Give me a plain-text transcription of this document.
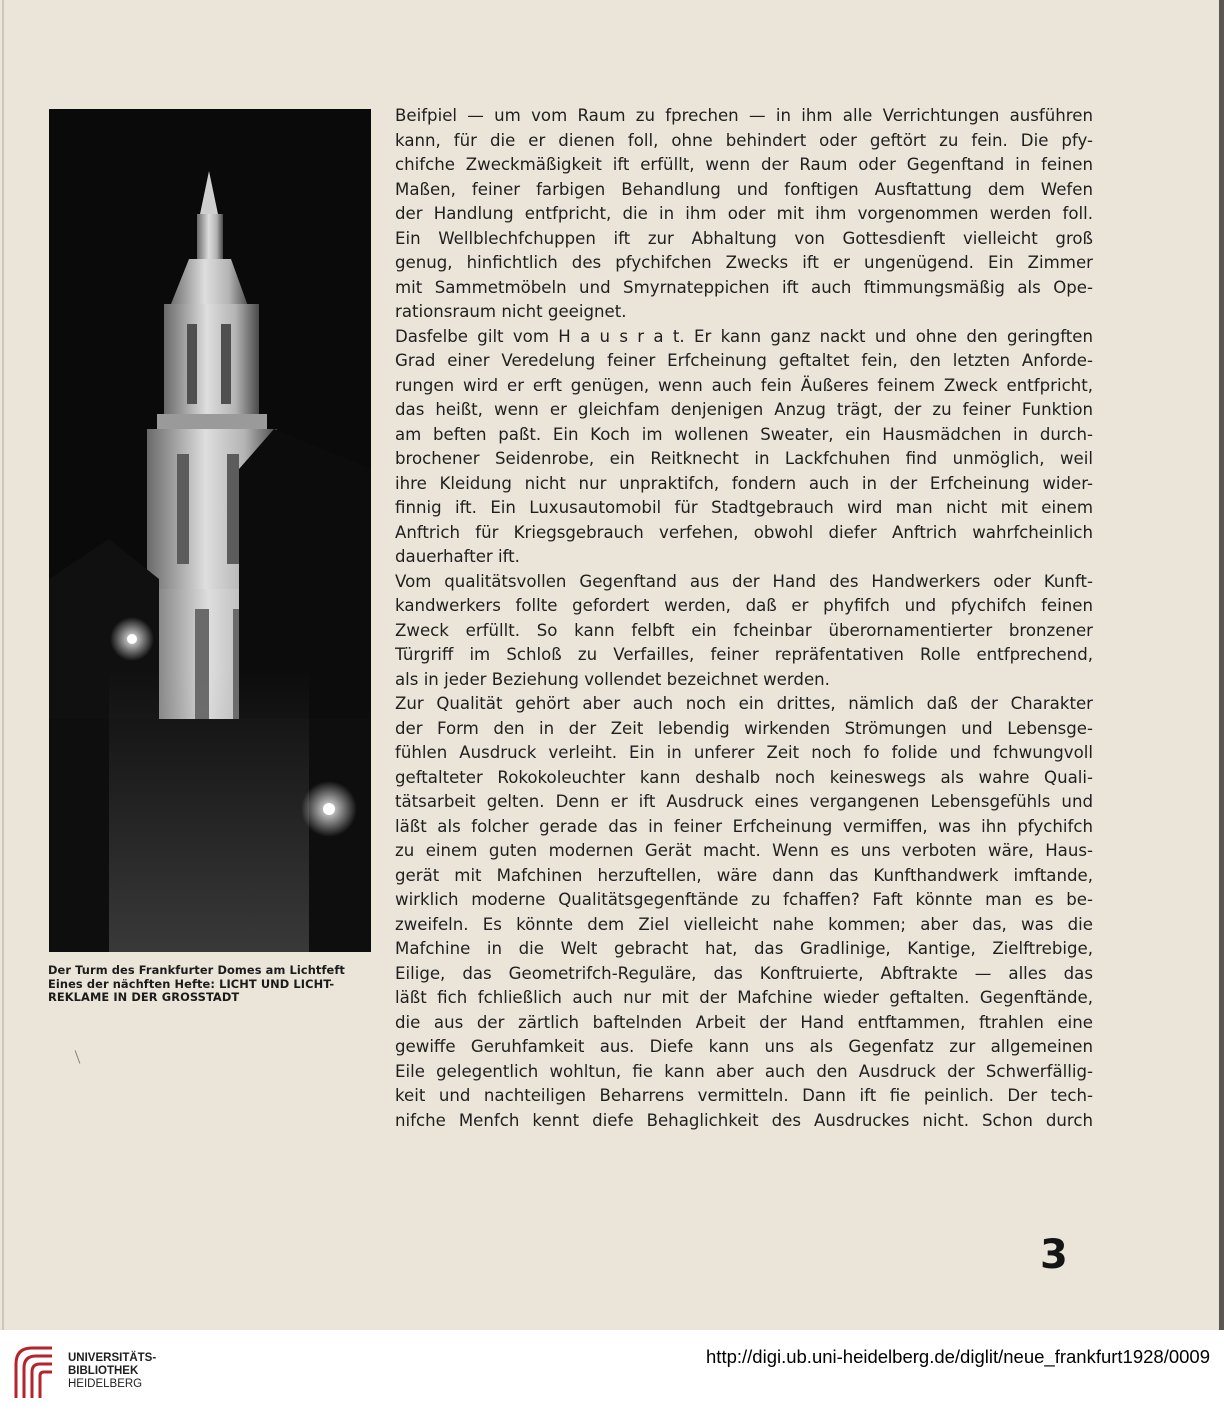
Der Turm des Frankfurter Domes am Lichtfeft
Eines der nächften Hefte: LICHT UND LICHT-
REKLAME IN DER GROSSTADT
Beifpiel — um vom Raum zu fprechen — in ihm alle Verrichtungen ausführen
kann, für die er dienen foll, ohne behindert oder geftört zu fein. Die pfy-
chifche Zweckmäßigkeit ift erfüllt, wenn der Raum oder Gegenftand in feinen
Maßen, feiner farbigen Behandlung und fonftigen Ausftattung dem Wefen
der Handlung entfpricht, die in ihm oder mit ihm vorgenommen werden foll.
Ein Wellblechfchuppen ift zur Abhaltung von Gottesdienft vielleicht groß
genug, hinfichtlich des pfychifchen Zwecks ift er ungenügend. Ein Zimmer
mit Sammetmöbeln und Smyrnateppichen ift auch ftimmungsmäßig als Ope-
rationsraum nicht geeignet.
Dasfelbe gilt vom H a u s r a t. Er kann ganz nackt und ohne den geringften
Grad einer Veredelung feiner Erfcheinung geftaltet fein, den letzten Anforde-
rungen wird er erft genügen, wenn auch fein Äußeres feinem Zweck entfpricht,
das heißt, wenn er gleichfam denjenigen Anzug trägt, der zu feiner Funktion
am beften paßt. Ein Koch im wollenen Sweater, ein Hausmädchen in durch-
brochener Seidenrobe, ein Reitknecht in Lackfchuhen find unmöglich, weil
ihre Kleidung nicht nur unpraktifch, fondern auch in der Erfcheinung wider-
finnig ift. Ein Luxusautomobil für Stadtgebrauch wird man nicht mit einem
Anftrich für Kriegsgebrauch verfehen, obwohl diefer Anftrich wahrfcheinlich
dauerhafter ift.
Vom qualitätsvollen Gegenftand aus der Hand des Handwerkers oder Kunft-
kandwerkers follte gefordert werden, daß er phyfifch und pfychifch feinen
Zweck erfüllt. So kann felbft ein fcheinbar überornamentierter bronzener
Türgriff im Schloß zu Verfailles, feiner repräfentativen Rolle entfprechend,
als in jeder Beziehung vollendet bezeichnet werden.
Zur Qualität gehört aber auch noch ein drittes, nämlich daß der Charakter
der Form den in der Zeit lebendig wirkenden Strömungen und Lebensge-
fühlen Ausdruck verleiht. Ein in unferer Zeit noch fo folide und fchwungvoll
geftalteter Rokokoleuchter kann deshalb noch keineswegs als wahre Quali-
tätsarbeit gelten. Denn er ift Ausdruck eines vergangenen Lebensgefühls und
läßt als folcher gerade das in feiner Erfcheinung vermiffen, was ihn pfychifch
zu einem guten modernen Gerät macht. Wenn es uns verboten wäre, Haus-
gerät mit Mafchinen herzuftellen, wäre dann das Kunfthandwerk imftande,
wirklich moderne Qualitätsgegenftände zu fchaffen? Faft könnte man es be-
zweifeln. Es könnte dem Ziel vielleicht nahe kommen; aber das, was die
Mafchine in die Welt gebracht hat, das Gradlinige, Kantige, Zielftrebige,
Eilige, das Geometrifch-Reguläre, das Konftruierte, Abftrakte — alles das
läßt fich fchließlich auch nur mit der Mafchine wieder geftalten. Gegenftände,
die aus der zärtlich baftelnden Arbeit der Hand entftammen, ftrahlen eine
gewiffe Geruhfamkeit aus. Diefe kann uns als Gegenfatz zur allgemeinen
Eile gelegentlich wohltun, fie kann aber auch den Ausdruck der Schwerfällig-
keit und nachteiligen Beharrens vermitteln. Dann ift fie peinlich. Der tech-
nifche Menfch kennt diefe Behaglichkeit des Ausdruckes nicht. Schon durch
3
UNIVERSITÄTS-
BIBLIOTHEK
HEIDELBERG
http://digi.ub.uni-heidelberg.de/diglit/neue_frankfurt1928/0009
